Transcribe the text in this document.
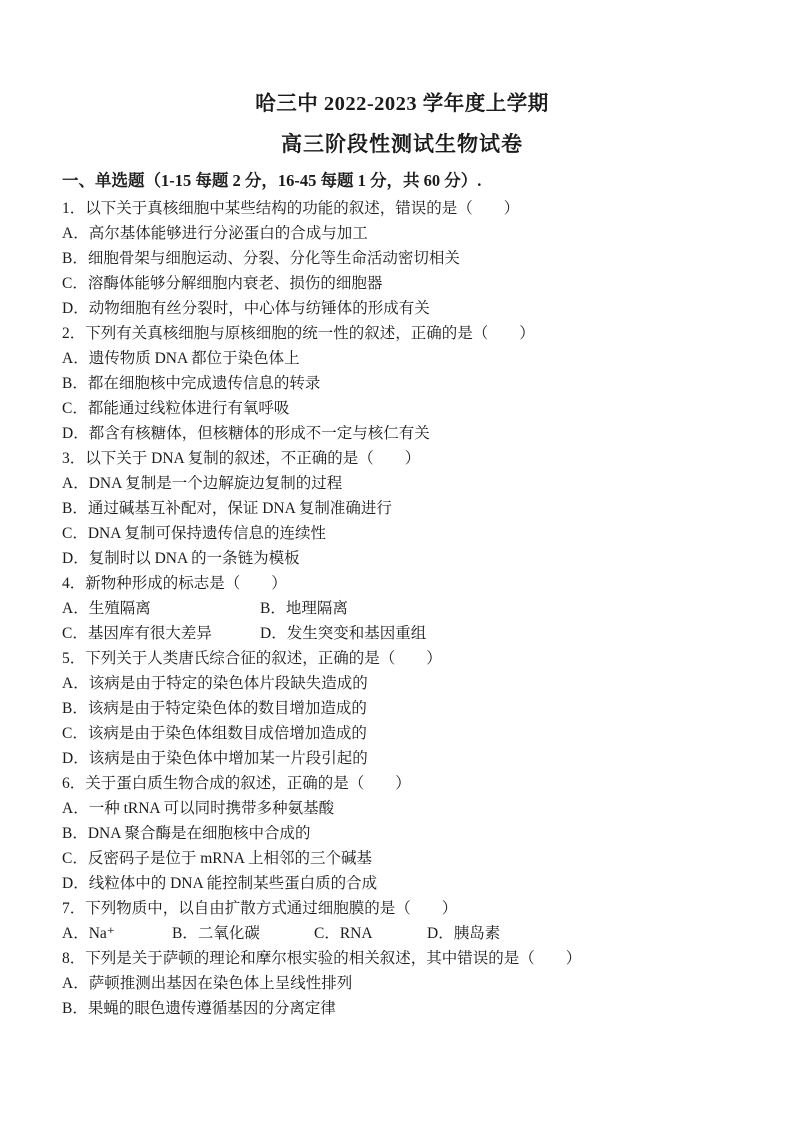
哈三中 2022-2023 学年度上学期
高三阶段性测试生物试卷
一、单选题（1-15 每题 2 分，16-45 每题 1 分，共 60 分）.
1．以下关于真核细胞中某些结构的功能的叙述，错误的是（　　）
A．高尔基体能够进行分泌蛋白的合成与加工
B．细胞骨架与细胞运动、分裂、分化等生命活动密切相关
C．溶酶体能够分解细胞内衰老、损伤的细胞器
D．动物细胞有丝分裂时，中心体与纺锤体的形成有关
2．下列有关真核细胞与原核细胞的统一性的叙述，正确的是（　　）
A．遗传物质 DNA 都位于染色体上
B．都在细胞核中完成遗传信息的转录
C．都能通过线粒体进行有氧呼吸
D．都含有核糖体，但核糖体的形成不一定与核仁有关
3．以下关于 DNA 复制的叙述，不正确的是（　　）
A．DNA 复制是一个边解旋边复制的过程
B．通过碱基互补配对，保证 DNA 复制准确进行
C．DNA 复制可保持遗传信息的连续性
D．复制时以 DNA 的一条链为模板
4．新物种形成的标志是（　　）
A．生殖隔离	B．地理隔离
C．基因库有很大差异	D．发生突变和基因重组
5．下列关于人类唐氏综合征的叙述，正确的是（　　）
A．该病是由于特定的染色体片段缺失造成的
B．该病是由于特定染色体的数目增加造成的
C．该病是由于染色体组数目成倍增加造成的
D．该病是由于染色体中增加某一片段引起的
6．关于蛋白质生物合成的叙述，正确的是（　　）
A．一种 tRNA 可以同时携带多种氨基酸
B．DNA 聚合酶是在细胞核中合成的
C．反密码子是位于 mRNA 上相邻的三个碱基
D．线粒体中的 DNA 能控制某些蛋白质的合成
7．下列物质中，以自由扩散方式通过细胞膜的是（　　）
A．Na⁺	B．二氧化碳	C．RNA	D．胰岛素
8．下列是关于萨顿的理论和摩尔根实验的相关叙述，其中错误的是（　　）
A．萨顿推测出基因在染色体上呈线性排列
B．果蝇的眼色遗传遵循基因的分离定律
